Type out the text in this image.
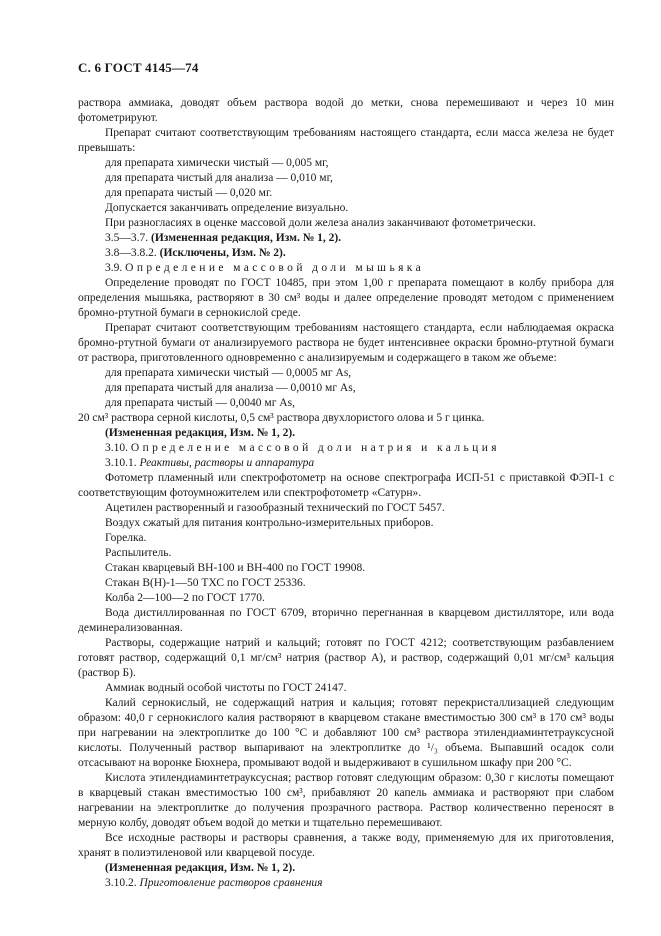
С. 6 ГОСТ 4145—74

раствора аммиака, доводят объем раствора водой до метки, снова перемешивают и через 10 мин фотометрируют.

Препарат считают соответствующим требованиям настоящего стандарта, если масса железа не будет превышать:

для препарата химически чистый — 0,005 мг,

для препарата чистый для анализа — 0,010 мг,

для препарата чистый — 0,020 мг.

Допускается заканчивать определение визуально.

При разногласиях в оценке массовой доли железа анализ заканчивают фотометрически.

3.5—3.7. (Измененная редакция, Изм. № 1, 2).

3.8—3.8.2. (Исключены, Изм. № 2).

3.9. Определение массовой доли мышьяка

Определение проводят по ГОСТ 10485, при этом 1,00 г препарата помещают в колбу прибора для определения мышьяка, растворяют в 30 см³ воды и далее определение проводят методом с применением бромно-ртутной бумаги в сернокислой среде.

Препарат считают соответствующим требованиям настоящего стандарта, если наблюдаемая окраска бромно-ртутной бумаги от анализируемого раствора не будет интенсивнее окраски бромно-ртутной бумаги от раствора, приготовленного одновременно с анализируемым и содержащего в таком же объеме:

для препарата химически чистый — 0,0005 мг As,

для препарата чистый для анализа — 0,0010 мг As,

для препарата чистый — 0,0040 мг As,

20 см³ раствора серной кислоты, 0,5 см³ раствора двухлористого олова и 5 г цинка.

(Измененная редакция, Изм. № 1, 2).

3.10. Определение массовой доли натрия и кальция

3.10.1. Реактивы, растворы и аппаратура

Фотометр пламенный или спектрофотометр на основе спектрографа ИСП-51 с приставкой ФЭП-1 с соответствующим фотоумножителем или спектрофотометр «Сатурн».

Ацетилен растворенный и газообразный технический по ГОСТ 5457.

Воздух сжатый для питания контрольно-измерительных приборов.

Горелка.

Распылитель.

Стакан кварцевый ВН-100 и ВН-400 по ГОСТ 19908.

Стакан В(Н)-1—50 ТХС по ГОСТ 25336.

Колба 2—100—2 по ГОСТ 1770.

Вода дистиллированная по ГОСТ 6709, вторично перегнанная в кварцевом дистилляторе, или вода деминерализованная.

Растворы, содержащие натрий и кальций; готовят по ГОСТ 4212; соответствующим разбавлением готовят раствор, содержащий 0,1 мг/см³ натрия (раствор А), и раствор, содержащий 0,01 мг/см³ кальция (раствор Б).

Аммиак водный особой чистоты по ГОСТ 24147.

Калий сернокислый, не содержащий натрия и кальция; готовят перекристаллизацией следующим образом: 40,0 г сернокислого калия растворяют в кварцевом стакане вместимостью 300 см³ в 170 см³ воды при нагревании на электроплитке до 100 °С и добавляют 100 см³ раствора этилендиаминтетрауксусной кислоты. Полученный раствор выпаривают на электроплитке до ¹/₃ объема. Выпавший осадок соли отсасывают на воронке Бюхнера, промывают водой и выдерживают в сушильном шкафу при 200 °С.

Кислота этилендиаминтетрауксусная; раствор готовят следующим образом: 0,30 г кислоты помещают в кварцевый стакан вместимостью 100 см³, прибавляют 20 капель аммиака и растворяют при слабом нагревании на электроплитке до получения прозрачного раствора. Раствор количественно переносят в мерную колбу, доводят объем водой до метки и тщательно перемешивают.

Все исходные растворы и растворы сравнения, а также воду, применяемую для их приготовления, хранят в полиэтиленовой или кварцевой посуде.

(Измененная редакция, Изм. № 1, 2).

3.10.2. Приготовление растворов сравнения
